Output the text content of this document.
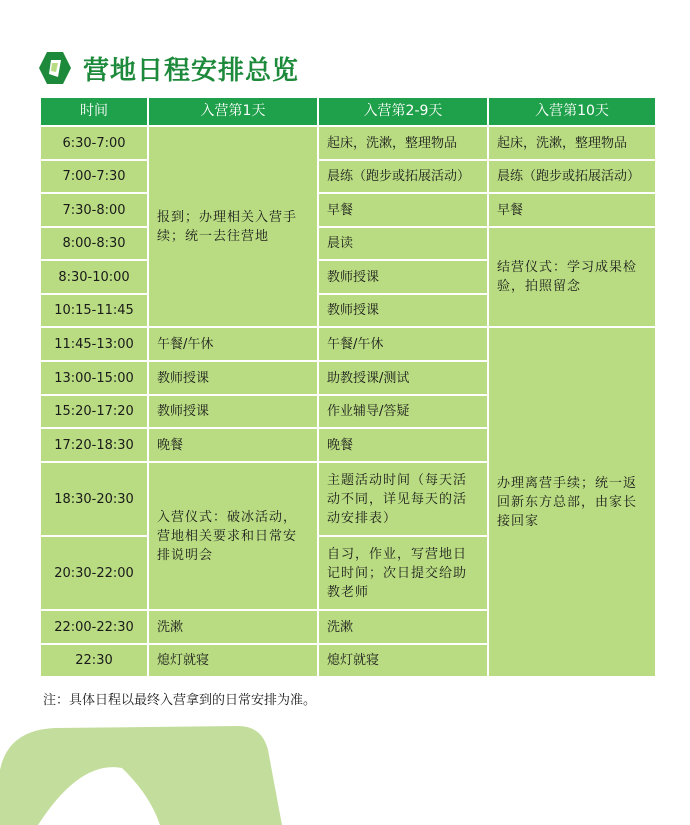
营地日程安排总览
时间	入营第1天	入营第2-9天	入营第10天
6:30-7:00	报到；办理相关入营手续；统一去往营地	起床，洗漱，整理物品	起床，洗漱，整理物品
7:00-7:30		晨练（跑步或拓展活动）	晨练（跑步或拓展活动）
7:30-8:00		早餐	早餐
8:00-8:30		晨读	结营仪式：学习成果检验，拍照留念
8:30-10:00		教师授课	
10:15-11:45		教师授课	
11:45-13:00	午餐/午休	午餐/午休	办理离营手续；统一返回新东方总部，由家长接回家
13:00-15:00	教师授课	助教授课/测试	
15:20-17:20	教师授课	作业辅导/答疑	
17:20-18:30	晚餐	晚餐	
18:30-20:30	入营仪式：破冰活动，营地相关要求和日常安排说明会	主题活动时间（每天活动不同，详见每天的活动安排表）	
20:30-22:00		自习，作业，写营地日记时间；次日提交给助教老师	
22:00-22:30	洗漱	洗漱	
22:30	熄灯就寝	熄灯就寝	
注：具体日程以最终入营拿到的日常安排为准。
